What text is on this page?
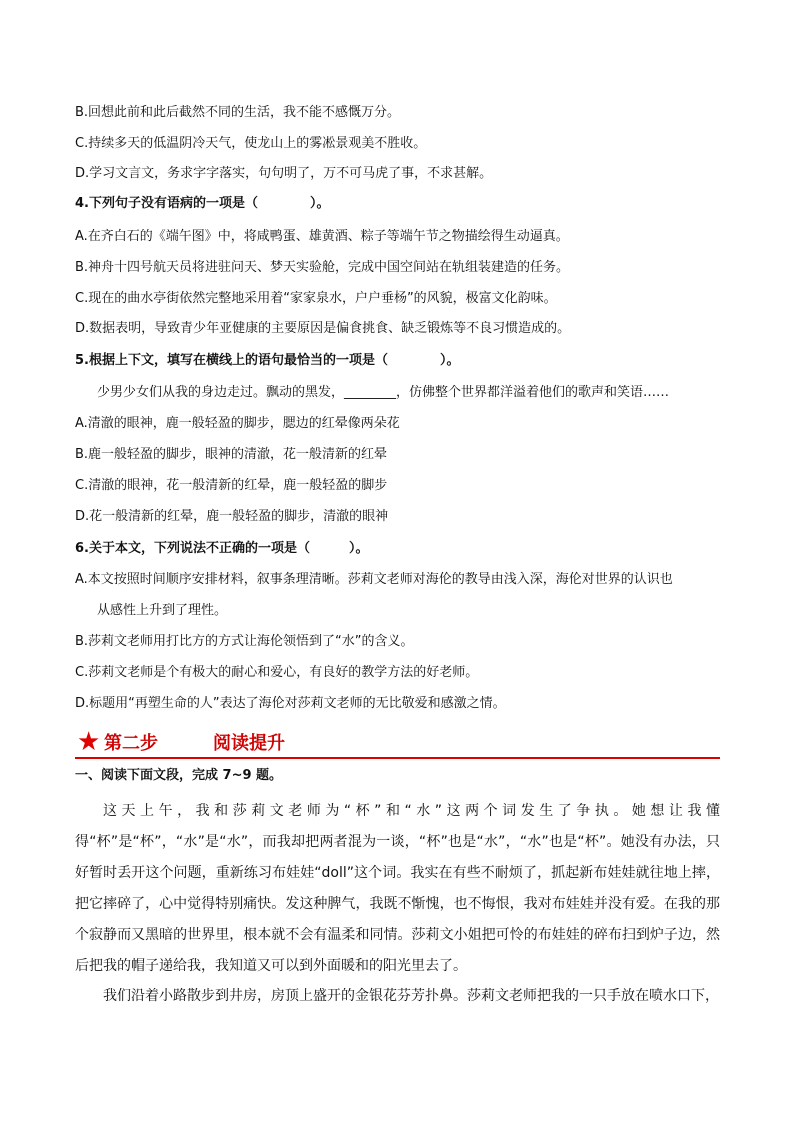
B.回想此前和此后截然不同的生活，我不能不感慨万分。
C.持续多天的低温阴冷天气，使龙山上的雾凇景观美不胜收。
D.学习文言文，务求字字落实，句句明了，万不可马虎了事，不求甚解。
4.下列句子没有语病的一项是（　　　　）。
A.在齐白石的《端午图》中，将咸鸭蛋、雄黄酒、粽子等端午节之物描绘得生动逼真。
B.神舟十四号航天员将进驻问天、梦天实验舱，完成中国空间站在轨组装建造的任务。
C.现在的曲水亭街依然完整地采用着“家家泉水，户户垂杨”的风貌，极富文化韵味。
D.数据表明，导致青少年亚健康的主要原因是偏食挑食、缺乏锻炼等不良习惯造成的。
5.根据上下文，填写在横线上的语句最恰当的一项是（　　　　）。
少男少女们从我的身边走过。飘动的黑发，________，仿佛整个世界都洋溢着他们的歌声和笑语……
A.清澈的眼神，鹿一般轻盈的脚步，腮边的红晕像两朵花
B.鹿一般轻盈的脚步，眼神的清澈，花一般清新的红晕
C.清澈的眼神，花一般清新的红晕，鹿一般轻盈的脚步
D.花一般清新的红晕，鹿一般轻盈的脚步，清澈的眼神
6.关于本文，下列说法不正确的一项是（　　　）。
A.本文按照时间顺序安排材料，叙事条理清晰。莎莉文老师对海伦的教导由浅入深，海伦对世界的认识也
从感性上升到了理性。
B.莎莉文老师用打比方的方式让海伦领悟到了“水”的含义。
C.莎莉文老师是个有极大的耐心和爱心，有良好的教学方法的好老师。
D.标题用“再塑生命的人”表达了海伦对莎莉文老师的无比敬爱和感激之情。
★ 第二步	阅读提升
一、阅读下面文段，完成 7~9 题。
这天上午，我和莎莉文老师为“杯”和“水”这两个词发生了争执。她想让我懂得“杯”是“杯”，“水”是“水”，而我却把两者混为一谈，“杯”也是“水”，“水”也是“杯”。她没有办法，只好暂时丢开这个问题，重新练习布娃娃“doll”这个词。我实在有些不耐烦了，抓起新布娃娃就往地上摔，把它摔碎了，心中觉得特别痛快。发这种脾气，我既不惭愧，也不悔恨，我对布娃娃并没有爱。在我的那个寂静而又黑暗的世界里，根本就不会有温柔和同情。莎莉文小姐把可怜的布娃娃的碎布扫到炉子边，然后把我的帽子递给我，我知道又可以到外面暖和的阳光里去了。
我们沿着小路散步到井房，房顶上盛开的金银花芬芳扑鼻。莎莉文老师把我的一只手放在喷水口下，
